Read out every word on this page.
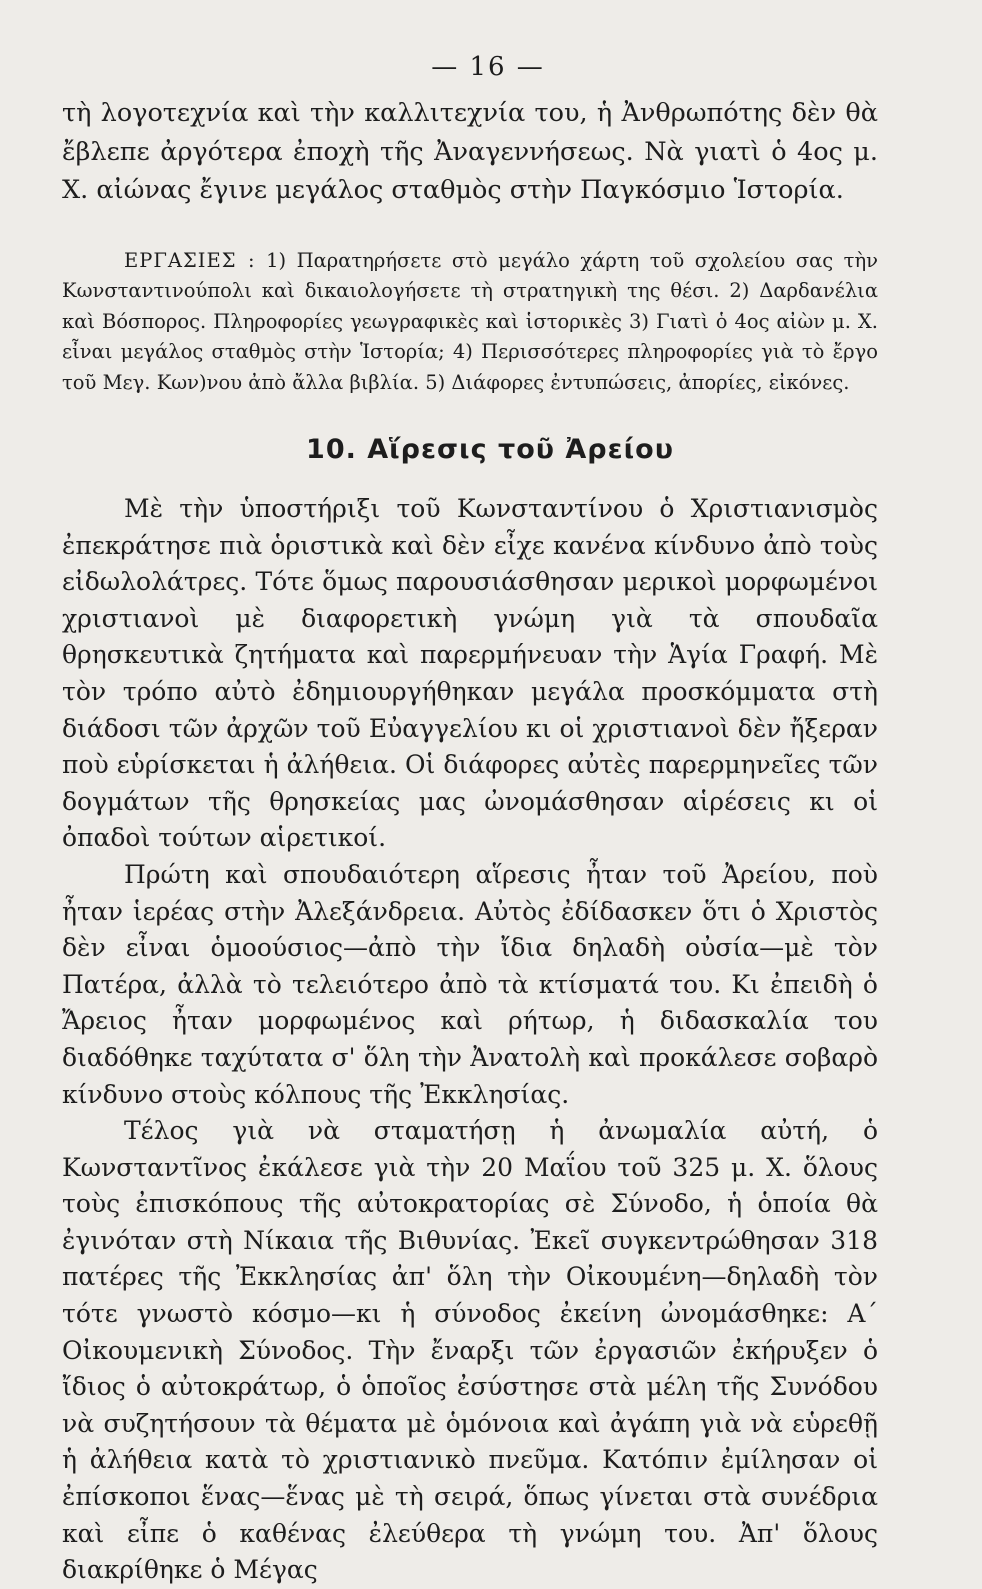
— 16 —

τὴ λογοτεχνία καὶ τὴν καλλιτεχνία του, ἡ Ἀνθρωπότης δὲν θὰ ἔβλεπε ἀργότερα ἐποχὴ τῆς Ἀναγεννήσεως. Νὰ γιατὶ ὁ 4ος μ. Χ. αἰώνας ἔγινε μεγάλος σταθμὸς στὴν Παγκόσμιο Ἱστορία.

ΕΡΓΑΣΙΕΣ : 1) Παρατηρήσετε στὸ μεγάλο χάρτη τοῦ σχολείου σας τὴν Κωνσταντινούπολι καὶ δικαιολογήσετε τὴ στρατηγικὴ της θέσι. 2) Δαρδανέλια καὶ Βόσπορος. Πληροφορίες γεωγραφικὲς καὶ ἱστορικὲς 3) Γιατὶ ὁ 4ος αἰὼν μ. Χ. εἶναι μεγάλος σταθμὸς στὴν Ἱστορία; 4) Περισσότερες πληροφορίες γιὰ τὸ ἔργο τοῦ Μεγ. Κων)νου ἀπὸ ἄλλα βιβλία. 5) Διάφορες ἐντυπώσεις, ἀπορίες, εἰκόνες.

10. Αἵρεσις τοῦ Ἀρείου

Μὲ τὴν ὑποστήριξι τοῦ Κωνσταντίνου ὁ Χριστιανισμὸς ἐπεκράτησε πιὰ ὁριστικὰ καὶ δὲν εἶχε κανένα κίνδυνο ἀπὸ τοὺς εἰδωλολάτρες. Τότε ὅμως παρουσιάσθησαν μερικοὶ μορφωμένοι χριστιανοὶ μὲ διαφορετικὴ γνώμη γιὰ τὰ σπουδαῖα θρησκευτικὰ ζητήματα καὶ παρερμήνευαν τὴν Ἁγία Γραφή. Μὲ τὸν τρόπο αὐτὸ ἐδημιουργήθηκαν μεγάλα προσκόμματα στὴ διάδοσι τῶν ἀρχῶν τοῦ Εὐαγγελίου κι οἱ χριστιανοὶ δὲν ἤξεραν ποὺ εὑρίσκεται ἡ ἀλήθεια. Οἱ διάφορες αὐτὲς παρερμηνεῖες τῶν δογμάτων τῆς θρησκείας μας ὠνομάσθησαν αἱρέσεις κι οἱ ὀπαδοὶ τούτων αἱρετικοί.

Πρώτη καὶ σπουδαιότερη αἵρεσις ἦταν τοῦ Ἀρείου, ποὺ ἦταν ἱερέας στὴν Ἀλεξάνδρεια. Αὐτὸς ἐδίδασκεν ὅτι ὁ Χριστὸς δὲν εἶναι ὁμοούσιος—ἀπὸ τὴν ἴδια δηλαδὴ οὐσία—μὲ τὸν Πατέρα, ἀλλὰ τὸ τελειότερο ἀπὸ τὰ κτίσματά του. Κι ἐπειδὴ ὁ Ἄρειος ἦταν μορφωμένος καὶ ρήτωρ, ἡ διδασκαλία του διαδόθηκε ταχύτατα σ' ὅλη τὴν Ἀνατολὴ καὶ προκάλεσε σοβαρὸ κίνδυνο στοὺς κόλπους τῆς Ἐκκλησίας.

Τέλος γιὰ νὰ σταματήσῃ ἡ ἀνωμαλία αὐτή, ὁ Κωνσταντῖνος ἐκάλεσε γιὰ τὴν 20 Μαΐου τοῦ 325 μ. Χ. ὅλους τοὺς ἐπισκόπους τῆς αὐτοκρατορίας σὲ Σύνοδο, ἡ ὁποία θὰ ἐγινόταν στὴ Νίκαια τῆς Βιθυνίας. Ἐκεῖ συγκεντρώθησαν 318 πατέρες τῆς Ἐκκλησίας ἀπ' ὅλη τὴν Οἰκουμένη—δηλαδὴ τὸν τότε γνωστὸ κόσμο—κι ἡ σύνοδος ἐκείνη ὠνομάσθηκε: Α΄ Οἰκουμενικὴ Σύνοδος. Τὴν ἔναρξι τῶν ἐργασιῶν ἐκήρυξεν ὁ ἴδιος ὁ αὐτοκράτωρ, ὁ ὁποῖος ἐσύστησε στὰ μέλη τῆς Συνόδου νὰ συζητήσουν τὰ θέματα μὲ ὁμόνοια καὶ ἀγάπη γιὰ νὰ εὑρεθῇ ἡ ἀλήθεια κατὰ τὸ χριστιανικὸ πνεῦμα. Κατόπιν ἐμίλησαν οἱ ἐπίσκοποι ἕνας—ἕνας μὲ τὴ σειρά, ὅπως γίνεται στὰ συνέδρια καὶ εἶπε ὁ καθένας ἐλεύθερα τὴ γνώμη του. Ἀπ' ὅλους διακρίθηκε ὁ Μέγας
